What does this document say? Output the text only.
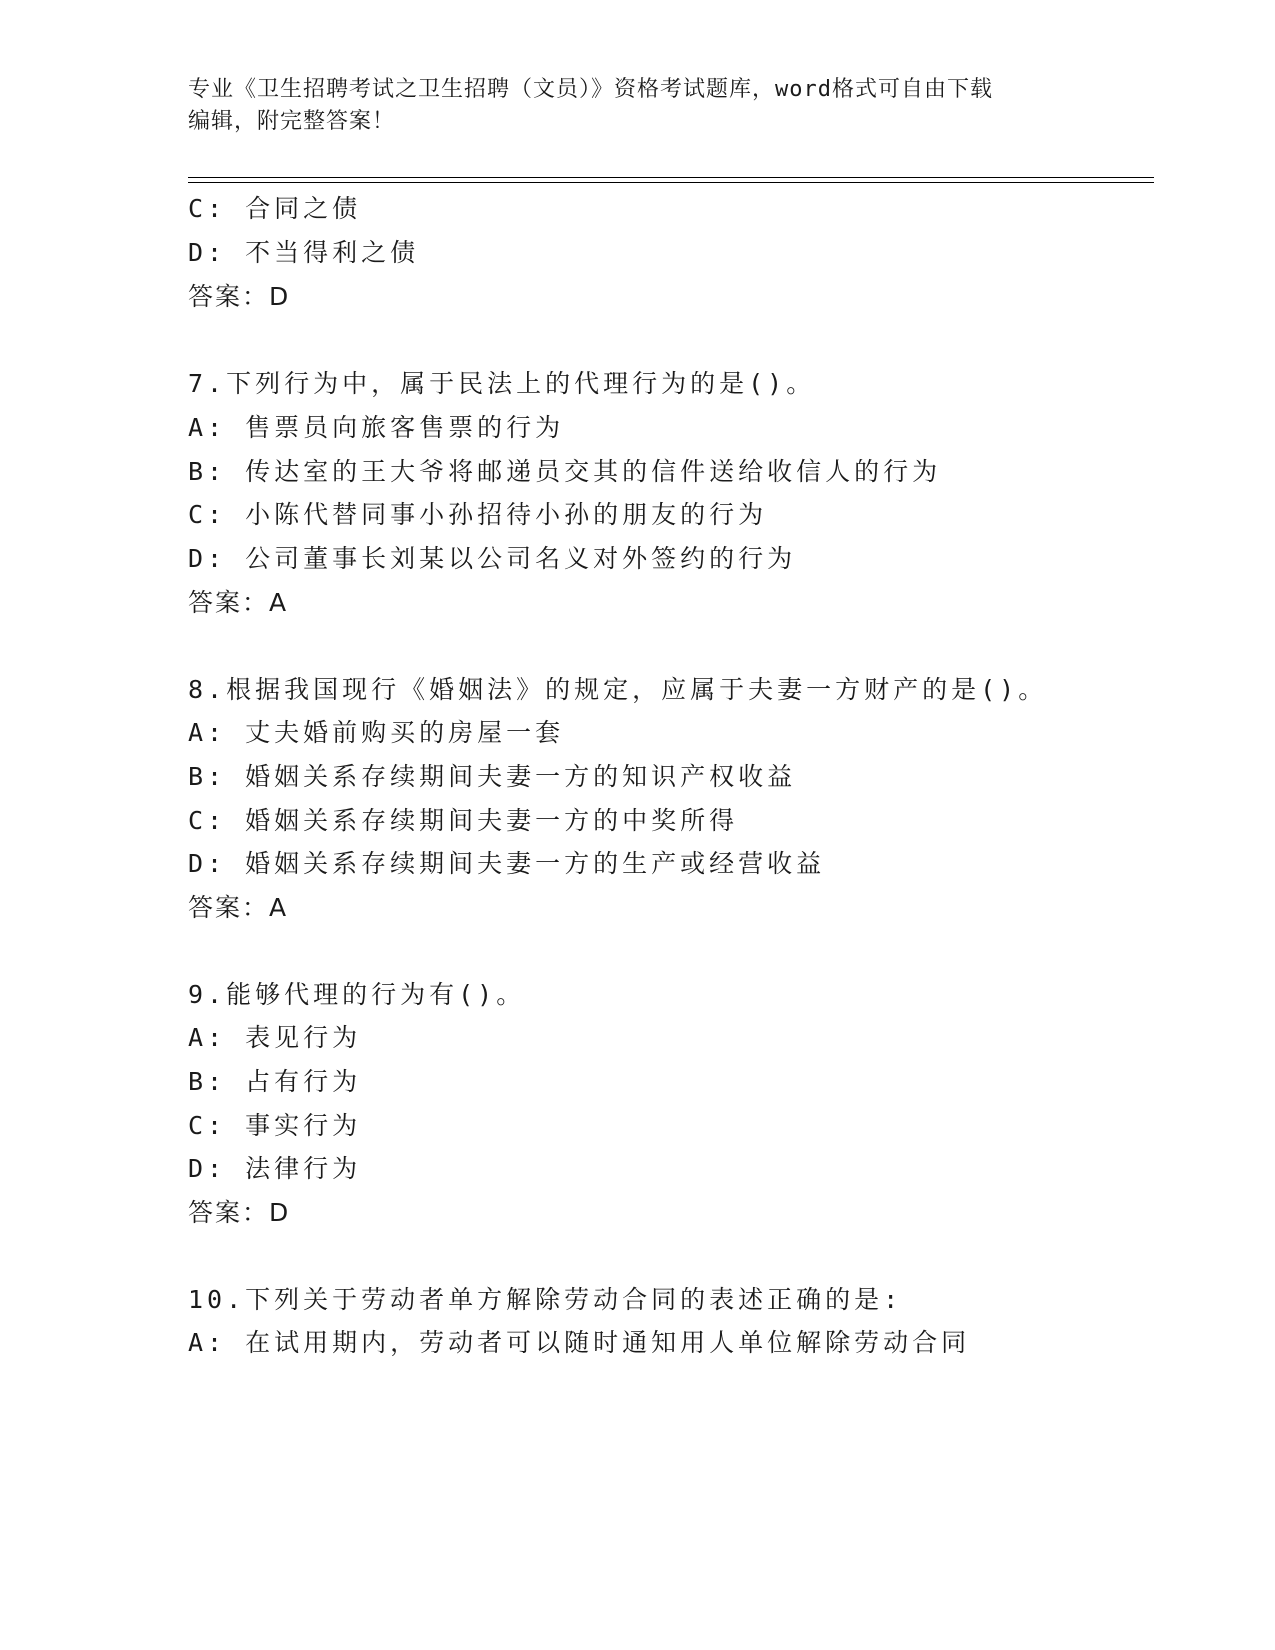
专业《卫生招聘考试之卫生招聘（文员）》资格考试题库，word格式可自由下载
编辑，附完整答案！
C: 合同之债
D: 不当得利之债
答案：D
7.下列行为中，属于民法上的代理行为的是()。
A: 售票员向旅客售票的行为
B: 传达室的王大爷将邮递员交其的信件送给收信人的行为
C: 小陈代替同事小孙招待小孙的朋友的行为
D: 公司董事长刘某以公司名义对外签约的行为
答案：A
8.根据我国现行《婚姻法》的规定，应属于夫妻一方财产的是()。
A: 丈夫婚前购买的房屋一套
B: 婚姻关系存续期间夫妻一方的知识产权收益
C: 婚姻关系存续期间夫妻一方的中奖所得
D: 婚姻关系存续期间夫妻一方的生产或经营收益
答案：A
9.能够代理的行为有()。
A: 表见行为
B: 占有行为
C: 事实行为
D: 法律行为
答案：D
10.下列关于劳动者单方解除劳动合同的表述正确的是:
A: 在试用期内，劳动者可以随时通知用人单位解除劳动合同
